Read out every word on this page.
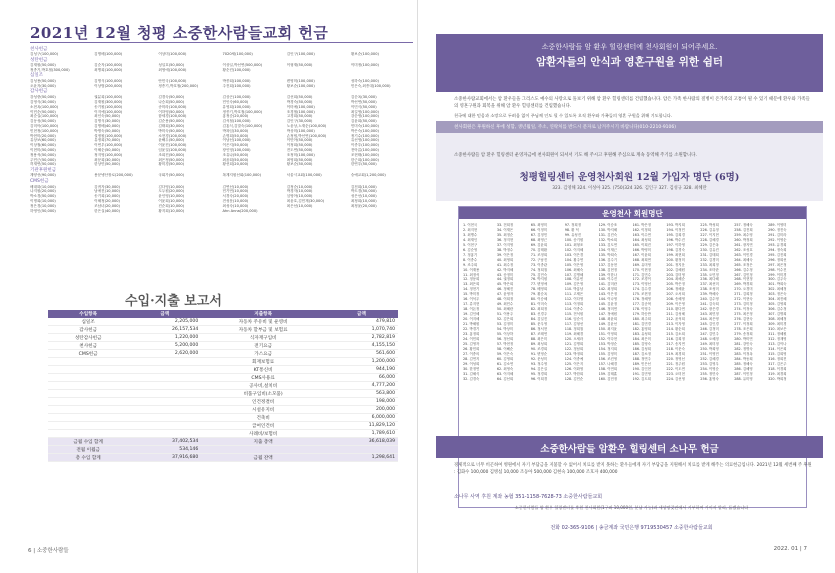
2021년 12월 청평 소중한사람들교회 헌금
천사헌금
김성구(100,000)	김명배(100,000)	이상미(100,000)	7020세(100,000)	김인구(100,000)	황보순(100,000)
성탄헌금
김재원(50,000)	김순자(100,000)	성일호(50,000)	이상일,박선연(500,000)	이형재(50,000)	이미정(100,000)
정종기,박호철(300,000)	최병희(100,000)	최영애(100,000)	황순진(100,000)
십일조
김성용(50,000)	김명식(100,000)	안민국(100,000)	박종희(100,000)	변영미(100,000)	성하숙(100,000)
오윤자(30,000)	이상범(200,000)	정종기,박호철(200,000)	주진희(100,000)	황보순(100,000)	민은숙,최종대(100,000)
감사헌금
강성중(50,000)	권분희(100,000)	김경숙(50,000)	김상곤(100,000)	김선희(50,000)	김순옥(30,000)
김영식(30,000)	김재원(300,000)	나승희(50,000)	민인숙(60,000)	박경숙(50,000)	박선연(50,000)
소현옥(100,000)	송기원(100,000)	송미라(100,000)	유영희(100,000)	이미애(100,000)	이민식(50,000)
이민순(50,000)	이지예(100,000)	이하영(50,000)	정종기,박호철(100,000)	조경철(100,000)	최길영(100,000)
최순실(100,000)	최인숙(50,000)	함세경(100,000)	홍정순(20,000)	고경희(50,000)	강순영(100,000)
김동성(50,000)	김명식(30,000)	김순용(50,000)	김석철(100,000)	김인구(30,000)	김윤희(50,000)
김미아(100,000)	김명배(40,000)	김태희(30,000)	김홍식,김말숙(100,000)	노윤상,노재순(100,000)	민미숙(100,000)
민현정(100,000)	박명숙(50,000)	박미숙(50,000)	박복임(30,000)	박상미(100,000)	박은숙(100,000)
박현미(20,000)	설정원(100,000)	소현경(100,000)	손명희(50,000)	손정엽,박선연(100,000)	정기수(100,000)
유상보(60,000)	유정희(70,000)	윤해두(50,000)	이남선(100,000)	이민아(50,000)	유선영(100,000)
이상철(60,000)	이연우(100,000)	이윤진(100,000)	이은지(50,000)	이정희(50,000)	이종우(100,000)
이현미(50,000)	이혜순(50,000)	임윤걸(100,000)	장인영(100,000)	전도연(50,000)	전아름(100,000)
정용석(50,000)	정지영(100,000)	조희진(50,000)	조유나(50,000)	조정미(100,000)	조현태(100,000)
주민근(50,000)	최문희(30,000)	최은정(50,000)	최윤희(50,000)	최영희(50,000)	한근희(100,000)
허재연(50,000)	한상민(50,000)	황미경(50,000)	황선희(20,000)	황보순(50,000)	한연우(50,000)
기관후원헌금
계양선(90,000)	용문냉산장로(200,000)	국회가(50,000)	복계지원선회(100,000)	서울시교회(100,000)	숭예교회(1,200,000)
CMS헌금
배대화(10,000)	김귀자(30,000)	김다영(10,000)	김연선(10,000)	김정순(10,000)	김천희(10,000)
나지원(20,000)	남애진(10,000)	도두원(20,000)	민기연(10,000)	박경자(10,000)	박도경(50,000)
박소경(50,000)	송기희(10,000)	윤인영(10,000)	서경숙(20,000)	심영아(10,000)	성은선(10,000)
이명희(10,000)	이혜정(20,000)	이윤희(10,000)	전성문(10,000)	최윤호,김민재(30,000)	최정희(10,000)
정은경(10,000)	조남녀(20,000)	진순희(10,000)	최성숙(10,000)	최은선(10,000)	최정윤(20,000)
하영인(50,000)	한은실(40,000)	황지희(10,000)	Ahn Anna(200,000)
수입·지출 보고서
수입항목	금액	지출항목	금액
십일조	2,205,000	자동차 주유비 및 운영비	479,810
감사헌금	26,157,534	자동차 할부금 및 보험료	1,070,740
성탄감사헌금	1,220,000	식자재구입비	2,782,819
천사헌금	5,200,000	전기요금	4,155,150
CMS헌금	2,620,000	가스요금	561,600
		회재보험료	1,200,000
		KT통신비	944,190
		CMS사용료	66,000
		공사비,설치비	4,777,200
		비품구입비(소모품)	563,800
		인건정결비	198,000
		시설유지비	200,000
		건축비	6,000,000
		급여인건비	11,829,120
		사례비/보험비	1,789,610
금월 수입 합계	37,402,534	지출 총액	36,618,039
전월 이월금	534,146		
총 수입 합계	37,916,680	금월 잔액	1,298,641
6 | 소중한사람들
소중한사람들 암 환우 힐링센터에 천사회원이 되어주세요.
암환자들의 안식과 영혼구원을 위한 쉼터
소중한사람교회에서는 암 환우들을 그리스도 예수의 사랑으로 돌보기 위해 암 환우 힐링센터를 건립했습니다. 암은 가족 한사람의 질병이 온가족의 고통이 될 수 있기 때문에 환우와 가족들의 영혼구원과 회복을 위해 암 환우 힐링센터를 건립했습니다.
천국에 대한 믿음과 소망으로 두려움 없이 주님께 인도 될 수 있도록 오직 환우와 가족들의 영혼 구원을 위해 기도합니다.
천사회원은 후원하신 후에 성함, 생년월일, 주소, 연락처를 반드시 문자로 남겨주시기 바랍니다(010-2210-9106)
소중한사람들 암 환우 힐링센터 운영자금에 천사회원이 되셔서 기도 해 주시고 후원해 주심으로 계속 동역해 주기를 소원합니다.
청평힐링센터 운영천사회원 12월 가입자 명단 (6명)
323. 김영해 324. 이성아 325. (750)324 326. 김인구 327. 김성규 328. 최혜란
운영천사 회원명단
1. 이현국	33. 전희정	65. 최영미	97. 정희정	129. 이승조	161. 박은정	193. 박지희	225. 박성희	257. 정혜숙	289. 이영미
2. 최지현	34. 이재은	66. 이정미	98. 황 덕	130. 박지혜	162. 이정희	194. 이정민	226. 김유정	258. 김진희	290. 정진숙
3. 최병수	35. 최정순	67. 김정민	99. 유성진	131. 김진숙	163. 이수연	195. 김희경	227. 이지현	259. 최수영	291. 김미라
4. 최재인	36. 정지현	68. 최영근	100. 송기원	132. 박소희	164. 최성희	196. 박수진	228. 김혜경	260. 박정희	292. 이영순
5. 이현구	37. 이지영	69. 김윤희	101. 최형조	133. 김도연	165. 이희진	197. 이하영	229. 김은옥	261. 장지연	293. 유경희
6. 김순영	38. 박정수	70. 김태환	102. 이지혜	134. 이재근	166. 박영미	198. 김경숙	230. 김유진	262. 조성호	294. 정숙희
7. 정홍기	39. 이은정	71. 조정희	103. 이은경	135. 박희숙	167. 이윤희	199. 최현희	231. 김태희	263. 이민경	295. 김진희
8. 이종수	40. 최영희	72. 구남진	104. 황주연	136. 김수기	168. 최희연	200. 황정미	232. 김경미	264. 최혜숙	296. 정희선
9. 조주희	41. 최수정	73. 이종관	105. 이은영	137. 김동현	169. 유미영	201. 정지운	233. 최희정	265. 조정은	297. 최은정
10. 이재용	42. 박지혜	74. 정희철	106. 최혜숙	138. 김현정	170. 이현정	202. 김혜원	234. 조미란	266. 김수정	298. 이수진
11. 최정석	43. 송정미	75. 김민숙	107. 김명혜	139. 이한나	171. 김민수	203. 김미영	235. 오민정	267. 김민정	299. 이미경
12. 정동희	44. 권정희	76. 박지원	108. 이유빈	140. 이수진	172. 조경이	204. 최혜순	236. 최다혜	268. 이현정	300. 김주숙
13. 최은희	45. 박은희	77. 변영애	109. 김은영	141. 김미란	173. 이영선	205. 박은정	237. 최선미	269. 박경희	301. 박희숙
14. 정현기	46. 정혜진	78. 배영희	110. 박흥남	142. 최정희	174. 김수경	206. 정혜윤	238. 조성미	270. 오경미	302. 최혜정
15. 박미정	47. 윤영자	79. 황순옥	111. 고제은	143. 이은정	175. 조현정	207. 오서희	239. 박혜숙	271. 김희정	303. 정은숙
16. 이석우	48. 이희정	80. 이승혜	112. 이다영	144. 이나영	176. 정혜영	208. 송혜영	240. 김수영	272. 이현숙	304. 최진혜
17. 류지현	49. 최민수	81. 이미숙	113. 이정희	145. 김윤정	177. 김준혁	209. 이은영	241. 김숙희	273. 김미정	305. 김영희
18. 이돈정	50. 최혜란	82. 최희정	114. 이종수	146. 정미연	178. 이영주	210. 황다연	242. 장은경	274. 이정숙	306. 김수정
19. 김인혜	51. 이용주	83. 신경주	115. 전석원	147. 정예원	179. 하승만	211. 김성혜	243. 최민정	275. 최은정	307. 김명희
20. 이지혜	52. 김은희	84. 김일진	116. 임순식	148. 최윤희	180. 최주희	212. 윤석희	244. 최은영	276. 김현숙	308. 최혜정
21. 박혜원	53. 김정미	85. 문우영	117. 김형선	149. 김윤선	181. 김민경	213. 이자영	245. 김인경	277. 이정희	309. 최미경
22. 박경기	54. 박상미	86. 정서현	118. 정희철	150. 최지윤	182. 홍영희	214. 황순희	246. 김정미	278. 조은희	310. 최보은
23. 홍정희	55. 이상하	87. 조태연	119. 최혜경	151. 이영희	183. 유성희	215. 김소희	247. 김민주	279. 송정희	311. 정혜원
24. 이민희	56. 정선희	88. 최은미	120. 오세라	152. 이다현	184. 최은미	216. 김희정	248. 오혜정	280. 박미연	312. 정재영
25. 김영자	57. 박현정	89. 최성희	121. 김명희	153. 박정순	185. 김영숙	217. 송지연	249. 최미정	281. 강민숙	313. 김이나
26. 황민희	58. 이해순	90. 조경희	122. 정남희	154. 정지희	186. 김성희	218. 이문숙	250. 박희영	282. 정명숙	314. 이은희
27. 이종의	59. 이은숙	91. 변영순	123. 박정희	155. 김영미	187. 김소정	219. 최경희	251. 이영민	283. 이정옥	315. 김희영
28. 김연지	60. 김영희	92. 문성미	124. 이종예	156. 조진영	188. 정연주	220. 정영선	252. 김혜경	284. 박동희	316. 정희진
29. 이성희	61. 김소연	93. 정수영	125. 이은지	157. 나혜경	189. 민은선	221. 정주원	253. 김영우	285. 정혜숙	317. 김은주
30. 한정연	62. 최영숙	94. 김은실	126. 이화영	158. 이연희	190. 김인현	222. 이도연	254. 이영순	286. 김혜영	318. 이경희
31. 김혜식	63. 이지혜	95. 정경희	127. 박한희	159. 김태훈	191. 김민영	223. 오미현	255. 정민숙	287. 이민정	319. 최경희
32. 김경숙	64. 김선희	96. 이희경	128. 김민순	160. 김민정	192. 김도희	224. 김선영	256. 홍영숙	288. 유미영	320. 박희정
소중한사람들 암환우 힐링센터 소나무 헌금
경제적으로 너무 비곤하여 병원에서 자기 부담금을 지불할 수 없어서 치료를 받지 못하는 환우들에게 자기 부담금을 지원해서 치료를 받게 해주는 의료헌금입니다. 2021년 12월 세번째 주 후원 : 김화수 100,000 김병섭 10,000 조동아 500,000 김현숙 100,000 조호자 400,000
소나무 사역 후원 계좌 농협 351-1158-7628-73 소중한사람들교회
소중한사람들 암 환우 힐링센터를 후원 천사회원(1구좌 10,000원, 분납 가능)과 세상망갖관에서 기부하여 가이자 알리, 돕겠습니다
전화 02-365-9106 | 송금계좌 국민은행 9719530457 소중한사람들교회
2022. 01 | 7
